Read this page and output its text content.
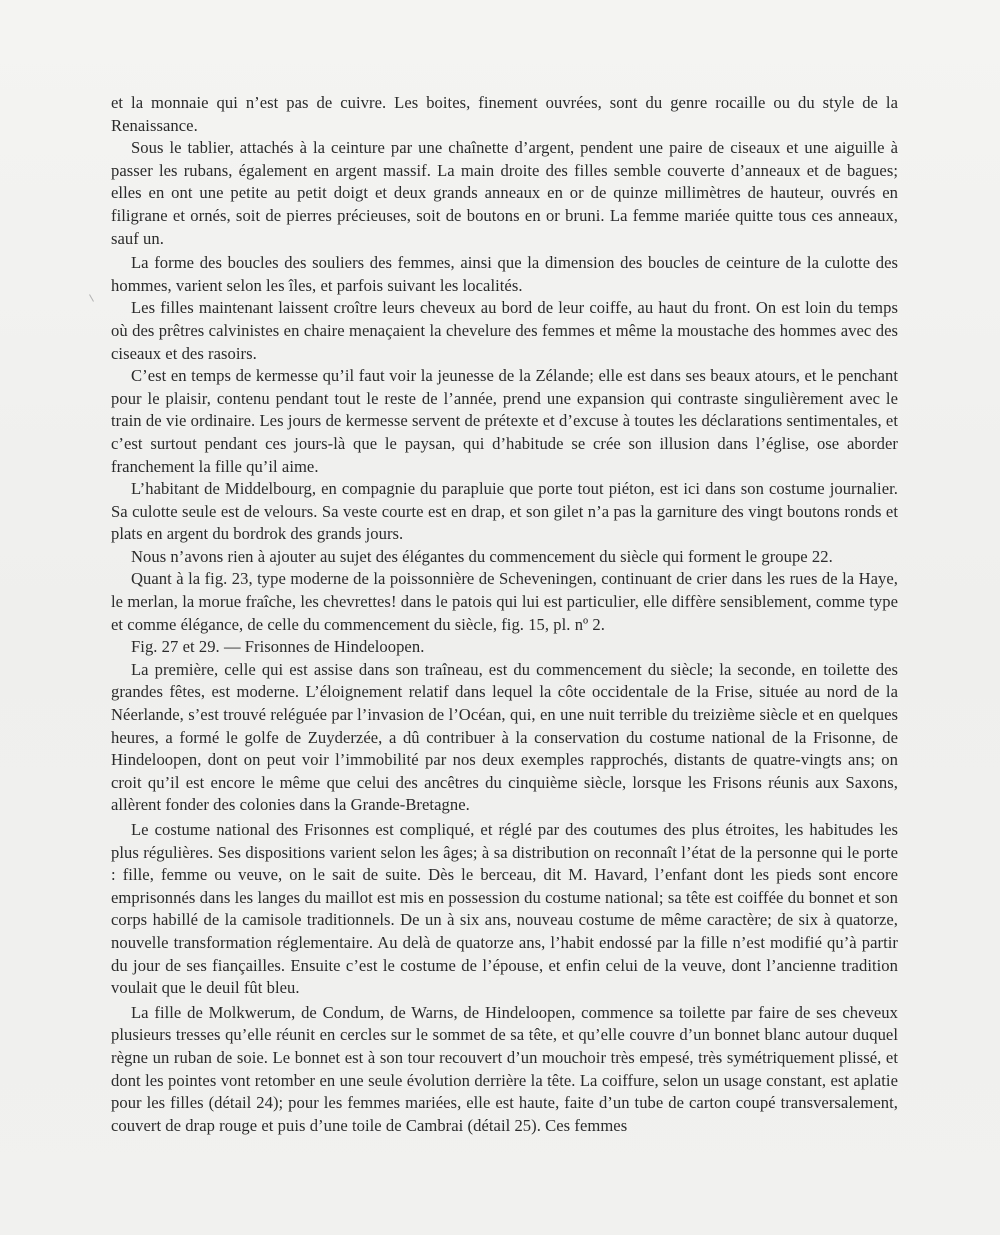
et la monnaie qui n’est pas de cuivre. Les boites, finement ouvrées, sont du genre rocaille ou du style de la Renaissance.

Sous le tablier, attachés à la ceinture par une chaînette d’argent, pendent une paire de ciseaux et une aiguille à passer les rubans, également en argent massif. La main droite des filles semble couverte d’anneaux et de bagues; elles en ont une petite au petit doigt et deux grands anneaux en or de quinze millimètres de hauteur, ouvrés en filigrane et ornés, soit de pierres précieuses, soit de boutons en or bruni. La femme mariée quitte tous ces anneaux, sauf un.

La forme des boucles des souliers des femmes, ainsi que la dimension des boucles de ceinture de la culotte des hommes, varient selon les îles, et parfois suivant les localités.

Les filles maintenant laissent croître leurs cheveux au bord de leur coiffe, au haut du front. On est loin du temps où des prêtres calvinistes en chaire menaçaient la chevelure des femmes et même la moustache des hommes avec des ciseaux et des rasoirs.

C’est en temps de kermesse qu’il faut voir la jeunesse de la Zélande; elle est dans ses beaux atours, et le penchant pour le plaisir, contenu pendant tout le reste de l’année, prend une expansion qui contraste singulièrement avec le train de vie ordinaire. Les jours de kermesse servent de prétexte et d’excuse à toutes les déclarations sentimentales, et c’est surtout pendant ces jours-là que le paysan, qui d’habitude se crée son illusion dans l’église, ose aborder franchement la fille qu’il aime.

L’habitant de Middelbourg, en compagnie du parapluie que porte tout piéton, est ici dans son costume journalier. Sa culotte seule est de velours. Sa veste courte est en drap, et son gilet n’a pas la garniture des vingt boutons ronds et plats en argent du bordrok des grands jours.

Nous n’avons rien à ajouter au sujet des élégantes du commencement du siècle qui forment le groupe 22.

Quant à la fig. 23, type moderne de la poissonnière de Scheveningen, continuant de crier dans les rues de la Haye, le merlan, la morue fraîche, les chevrettes! dans le patois qui lui est particulier, elle diffère sensiblement, comme type et comme élégance, de celle du commencement du siècle, fig. 15, pl. nº 2.

Fig. 27 et 29. — Frisonnes de Hindeloopen.

La première, celle qui est assise dans son traîneau, est du commencement du siècle; la seconde, en toilette des grandes fêtes, est moderne. L’éloignement relatif dans lequel la côte occidentale de la Frise, située au nord de la Néerlande, s’est trouvé reléguée par l’invasion de l’Océan, qui, en une nuit terrible du treizième siècle et en quelques heures, a formé le golfe de Zuyderzée, a dû contribuer à la conservation du costume national de la Frisonne, de Hindeloopen, dont on peut voir l’immobilité par nos deux exemples rapprochés, distants de quatre-vingts ans; on croit qu’il est encore le même que celui des ancêtres du cinquième siècle, lorsque les Frisons réunis aux Saxons, allèrent fonder des colonies dans la Grande-Bretagne.

Le costume national des Frisonnes est compliqué, et réglé par des coutumes des plus étroites, les habitudes les plus régulières. Ses dispositions varient selon les âges; à sa distribution on reconnaît l’état de la personne qui le porte : fille, femme ou veuve, on le sait de suite. Dès le berceau, dit M. Havard, l’enfant dont les pieds sont encore emprisonnés dans les langes du maillot est mis en possession du costume national; sa tête est coiffée du bonnet et son corps habillé de la camisole traditionnels. De un à six ans, nouveau costume de même caractère; de six à quatorze, nouvelle transformation réglementaire. Au delà de quatorze ans, l’habit endossé par la fille n’est modifié qu’à partir du jour de ses fiançailles. Ensuite c’est le costume de l’épouse, et enfin celui de la veuve, dont l’ancienne tradition voulait que le deuil fût bleu.

La fille de Molkwerum, de Condum, de Warns, de Hindeloopen, commence sa toilette par faire de ses cheveux plusieurs tresses qu’elle réunit en cercles sur le sommet de sa tête, et qu’elle couvre d’un bonnet blanc autour duquel règne un ruban de soie. Le bonnet est à son tour recouvert d’un mouchoir très empesé, très symétriquement plissé, et dont les pointes vont retomber en une seule évolution derrière la tête. La coiffure, selon un usage constant, est aplatie pour les filles (détail 24); pour les femmes mariées, elle est haute, faite d’un tube de carton coupé transversalement, couvert de drap rouge et puis d’une toile de Cambrai (détail 25). Ces femmes
